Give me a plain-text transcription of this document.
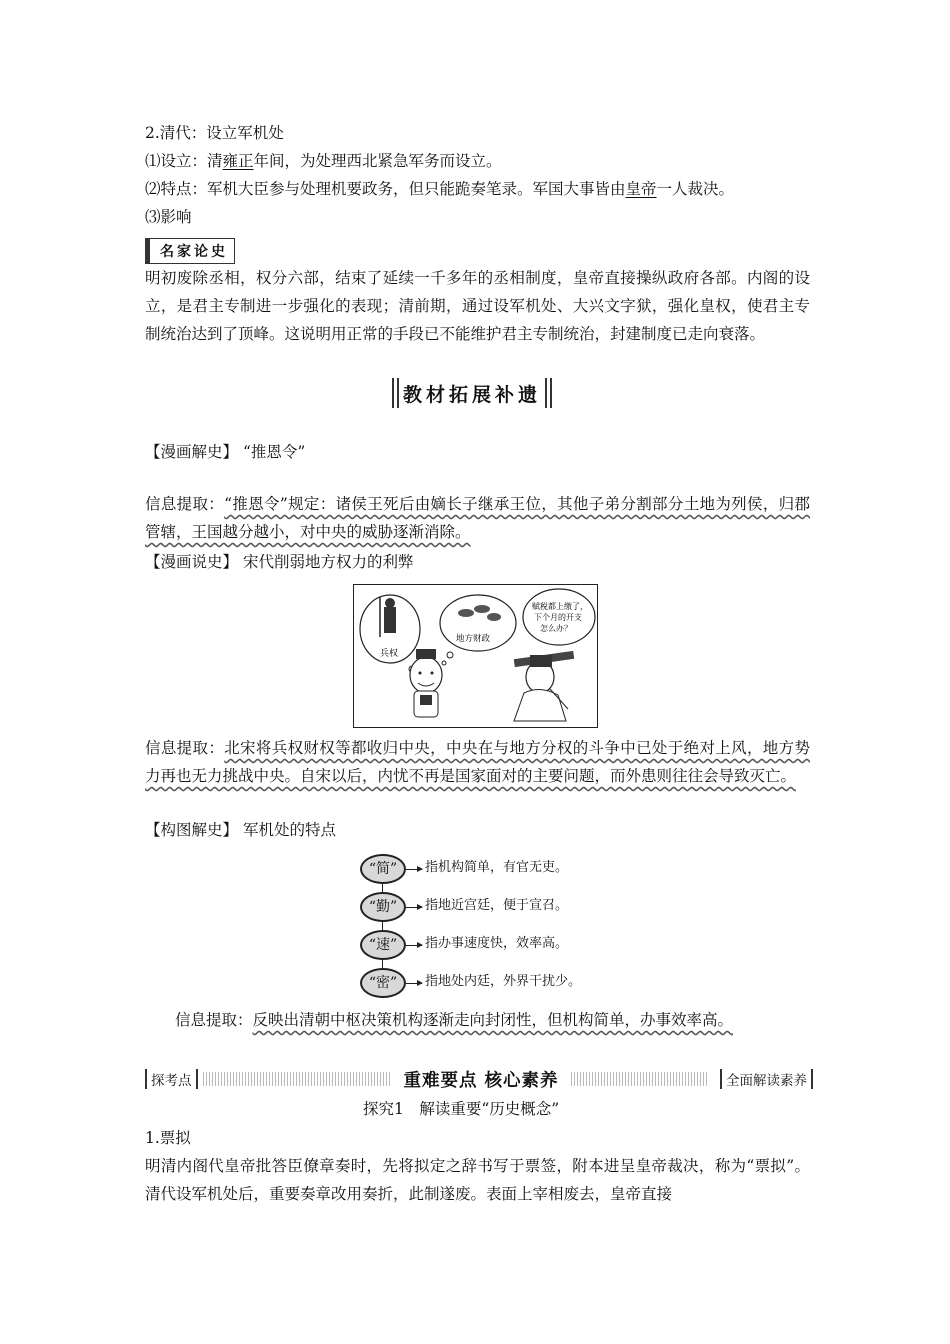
2.清代：设立军机处
⑴设立：清雍正年间，为处理西北紧急军务而设立。
⑵特点：军机大臣参与处理机要政务，但只能跪奏笔录。军国大事皆由皇帝一人裁决。
⑶影响
名家论史
明初废除丞相，权分六部，结束了延续一千多年的丞相制度，皇帝直接操纵政府各部。内阁的设立，是君主专制进一步强化的表现；清前期，通过设军机处、大兴文字狱，强化皇权，使君主专制统治达到了顶峰。这说明用正常的手段已不能维护君主专制统治，封建制度已走向衰落。
教材拓展补遗
【漫画解史】 “推恩令”
信息提取：“推恩令”规定：诸侯王死后由嫡长子继承王位，其他子弟分割部分土地为列侯，归郡管辖，王国越分越小，对中央的威胁逐渐消除。
【漫画说史】 宋代削弱地方权力的利弊
兵权
地方财政
赋税都上缴了，
下个月的开支
怎么办？
信息提取：北宋将兵权财权等都收归中央，中央在与地方分权的斗争中已处于绝对上风，地方势力再也无力挑战中央。自宋以后，内忧不再是国家面对的主要问题，而外患则往往会导致灭亡。
【构图解史】 军机处的特点
“简”	指机构简单，有官无吏。
“勤”	指地近宫廷，便于宣召。
“速”	指办事速度快，效率高。
“密”	指地处内廷，外界干扰少。
信息提取：反映出清朝中枢决策机构逐渐走向封闭性，但机构简单，办事效率高。
探考点	重难要点 核心素养	全面解读素养
探究1　解读重要“历史概念”
1.票拟
明清内阁代皇帝批答臣僚章奏时，先将拟定之辞书写于票签，附本进呈皇帝裁决，称为“票拟”。清代设军机处后，重要奏章改用奏折，此制遂废。表面上宰相废去，皇帝直接
